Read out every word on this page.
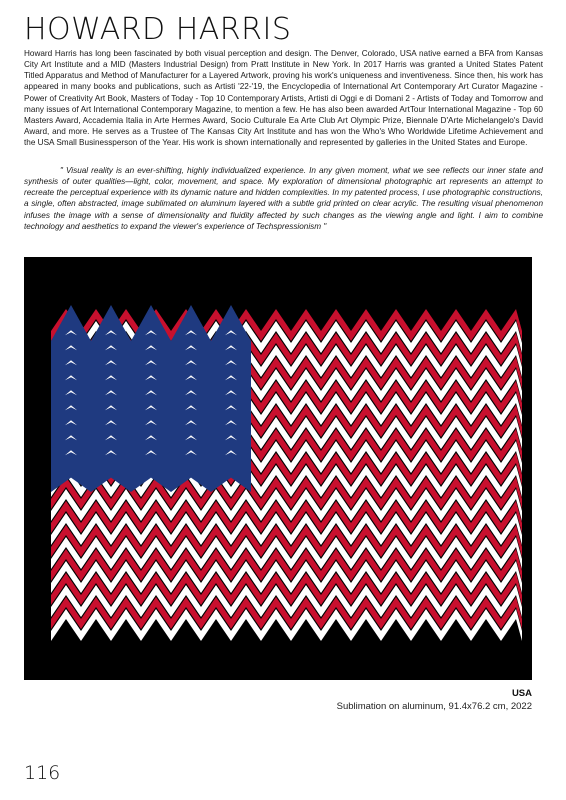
HOWARD HARRIS

Howard Harris has long been fascinated by both visual perception and design. The Denver, Colorado, USA native earned a BFA from Kansas City Art Institute and a MID (Masters Industrial Design) from Pratt Institute in New York. In 2017 Harris was granted a United States Patent Titled Apparatus and Method of Manufacturer for a Layered Artwork, proving his work's uniqueness and inventiveness. Since then, his work has appeared in many books and publications, such as Artisti '22-'19, the Encyclopedia of International Art Contemporary Art Curator Magazine - Power of Creativity Art Book, Masters of Today - Top 10 Contemporary Artists, Artisti di Oggi e di Domani 2 - Artists of Today and Tomorrow and many issues of Art International Contemporary Magazine, to mention a few. He has also been awarded ArtTour International Magazine - Top 60 Masters Award, Accademia Italia in Arte Hermes Award, Socio Culturale Ea Arte Club Art Olympic Prize, Biennale D'Arte Michelangelo's David Award, and more. He serves as a Trustee of The Kansas City Art Institute and has won the Who's Who Worldwide Lifetime Achievement and the USA Small Businessperson of the Year. His work is shown internationally and represented by galleries in the United States and Europe.

" Visual reality is an ever-shifting, highly individualized experience. In any given moment, what we see reflects our inner state and synthesis of outer qualities—light, color, movement, and space. My exploration of dimensional photographic art represents an attempt to recreate the perceptual experience with its dynamic nature and hidden complexities. In my patented process, I use photographic constructions, a single, often abstracted, image sublimated on aluminum layered with a subtle grid printed on clear acrylic. The resulting visual phenomenon infuses the image with a sense of dimensionality and fluidity affected by such changes as the viewing angle and light. I aim to combine technology and aesthetics to expand the viewer's experience of Techspressionism "

USA

Sublimation on aluminum, 91.4x76.2 cm, 2022

116
